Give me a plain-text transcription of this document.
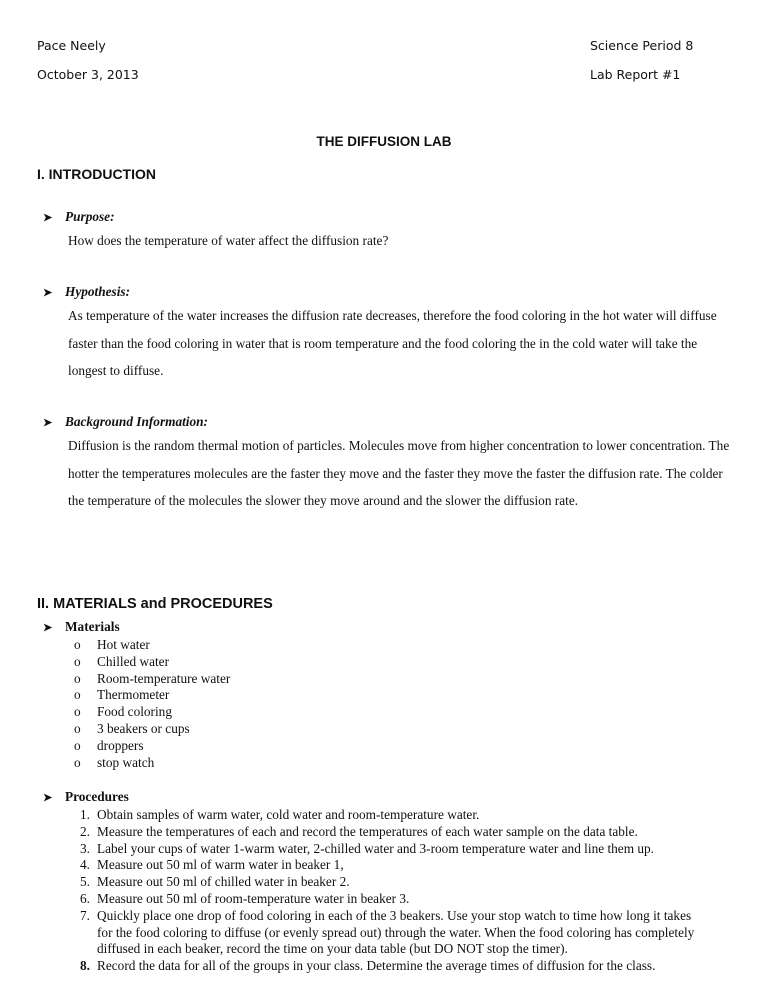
Pace Neely
October 3, 2013
Science Period 8
Lab Report #1
THE DIFFUSION LAB
I. INTRODUCTION
➤ Purpose:
How does the temperature of water affect the diffusion rate?
➤ Hypothesis:
As temperature of the water increases the diffusion rate decreases, therefore the food coloring in the hot water will diffuse faster than the food coloring in water that is room temperature and the food coloring the in the cold water will take the longest to diffuse.
➤ Background Information:
Diffusion is the random thermal motion of particles. Molecules move from higher concentration to lower concentration. The hotter the temperatures molecules are the faster they move and the faster they move the faster the diffusion rate. The colder the temperature of the molecules the slower they move around and the slower the diffusion rate.
II. MATERIALS and PROCEDURES
➤ Materials
o Hot water
o Chilled water
o Room-temperature water
o Thermometer
o Food coloring
o 3 beakers or cups
o droppers
o stop watch
➤ Procedures
1. Obtain samples of warm water, cold water and room-temperature water.
2. Measure the temperatures of each and record the temperatures of each water sample on the data table.
3. Label your cups of water 1-warm water, 2-chilled water and 3-room temperature water and line them up.
4. Measure out 50 ml of warm water in beaker 1,
5. Measure out 50 ml of chilled water in beaker 2.
6. Measure out 50 ml of room-temperature water in beaker 3.
7. Quickly place one drop of food coloring in each of the 3 beakers. Use your stop watch to time how long it takes for the food coloring to diffuse (or evenly spread out) through the water. When the food coloring has completely diffused in each beaker, record the time on your data table (but DO NOT stop the timer).
8. Record the data for all of the groups in your class. Determine the average times of diffusion for the class.
